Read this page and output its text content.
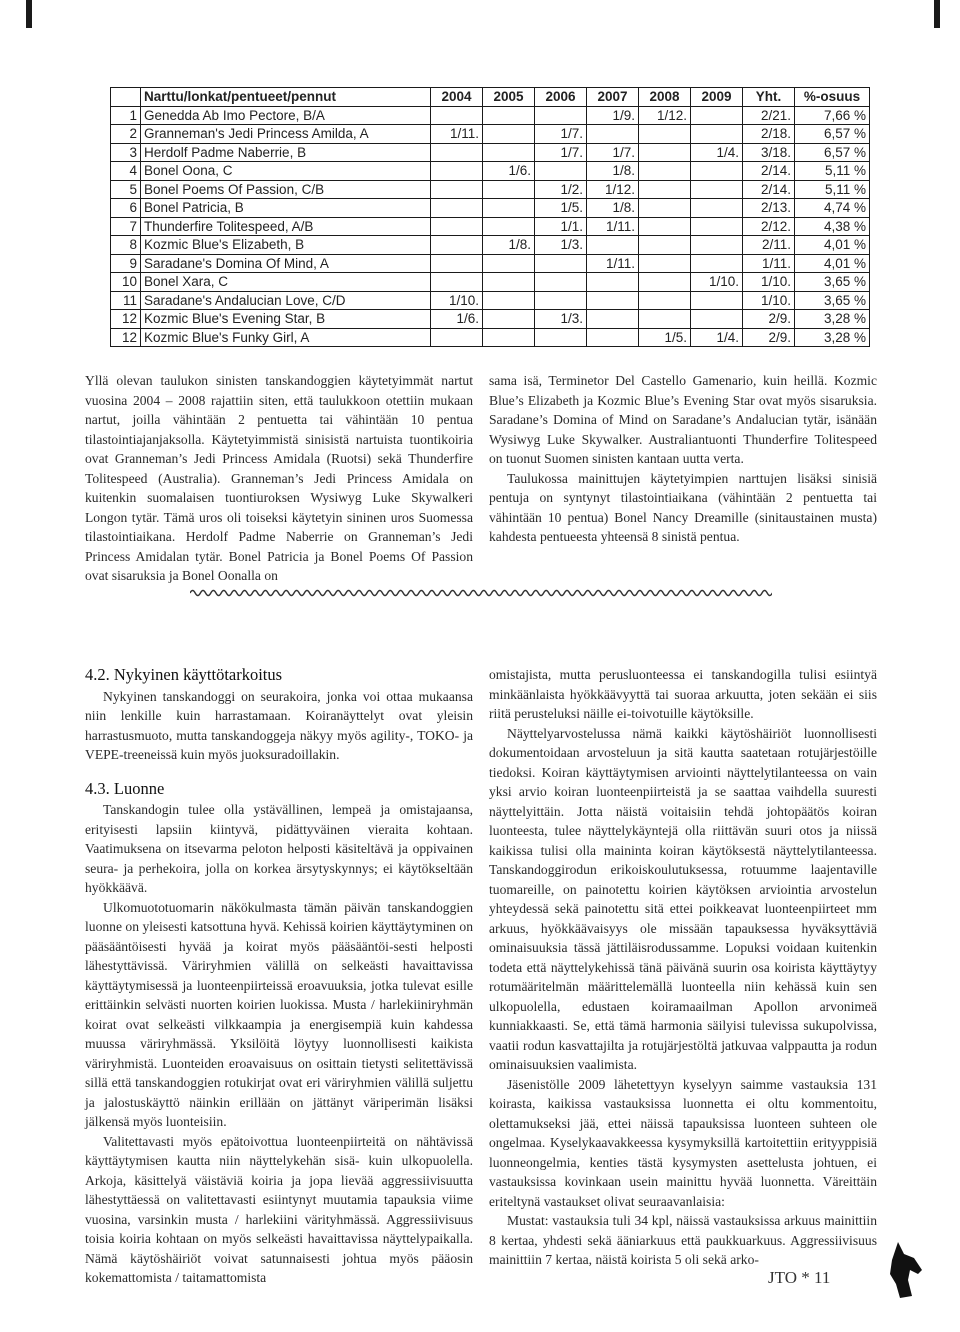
	Narttu/lonkat/pentueet/pennut	2004	2005	2006	2007	2008	2009	Yht.	%-osuus
1	Genedda Ab Imo Pectore, B/A				1/9.	1/12.		2/21.	7,66 %
2	Granneman's Jedi Princess Amilda, A	1/11.		1/7.				2/18.	6,57 %
3	Herdolf Padme Naberrie, B			1/7.	1/7.		1/4.	3/18.	6,57 %
4	Bonel Oona, C		1/6.		1/8.			2/14.	5,11 %
5	Bonel Poems Of Passion, C/B			1/2.	1/12.			2/14.	5,11 %
6	Bonel Patricia, B			1/5.	1/8.			2/13.	4,74 %
7	Thunderfire Tolitespeed, A/B			1/1.	1/11.			2/12.	4,38 %
8	Kozmic Blue's Elizabeth, B		1/8.	1/3.				2/11.	4,01 %
9	Saradane's Domina Of Mind, A				1/11.			1/11.	4,01 %
10	Bonel Xara, C						1/10.	1/10.	3,65 %
11	Saradane's Andalucian Love, C/D	1/10.						1/10.	3,65 %
12	Kozmic Blue's Evening Star, B	1/6.		1/3.				2/9.	3,28 %
12	Kozmic Blue's Funky Girl, A					1/5.	1/4.	2/9.	3,28 %

Yllä olevan taulukon sinisten tanskandoggien käytetyimmät nartut vuosina 2004 – 2008 rajattiin siten, että taulukkoon otettiin mukaan nartut, joilla vähintään 2 pentuetta tai vähintään 10 pentua tilastointiajanjaksolla. Käytetyimmistä sinisistä nartuista tuontikoiria ovat Granneman’s Jedi Princess Amidala (Ruotsi) sekä Thunderfire Tolitespeed (Australia). Granneman’s Jedi Princess Amidala on kuitenkin suomalaisen tuontiuroksen Wysiwyg Luke Skywalkeri Longon tytär. Tämä uros oli toiseksi käytetyin sininen uros Suomessa tilastointiaikana. Herdolf Padme Naberrie on Granneman’s Jedi Princess Amidalan tytär. Bonel Patricia ja Bonel Poems Of Passion ovat sisaruksia ja Bonel Oonalla on

sama isä, Terminetor Del Castello Gamenario, kuin heillä. Kozmic Blue’s Elizabeth ja Kozmic Blue’s Evening Star ovat myös sisaruksia. Saradane’s Domina of Mind on Saradane’s Andalucian tytär, isänään Wysiwyg Luke Skywalker. Australiantuonti Thunderfire Tolitespeed on tuonut Suomen sinisten kantaan uutta verta.

Taulukossa mainittujen käytetyimpien narttujen lisäksi sinisiä pentuja on syntynyt tilastointiaikana (vähintään 2 pentuetta tai vähintään 10 pentua) Bonel Nancy Dreamille (sinitaustainen musta) kahdesta pentueesta yhteensä 8 sinistä pentua.

4.2. Nykyinen käyttötarkoitus

Nykyinen tanskandoggi on seurakoira, jonka voi ottaa mukaansa niin lenkille kuin harrastamaan. Koiranäyttelyt ovat yleisin harrastusmuoto, mutta tanskandoggeja näkyy myös agility-, TOKO- ja VEPE-treeneissä kuin myös juoksuradoillakin.

4.3. Luonne

Tanskandogin tulee olla ystävällinen, lempeä ja omistajaansa, erityisesti lapsiin kiintyvä, pidättyväinen vieraita kohtaan. Vaatimuksena on itsevarma peloton helposti käsiteltävä ja oppivainen seura- ja perhekoira, jolla on korkea ärsytyskynnys; ei käytökseltään hyökkäävä.

Ulkomuototuomarin näkökulmasta tämän päivän tanskandoggien luonne on yleisesti katsottuna hyvä. Kehissä koirien käyttäytyminen on pääsääntöisesti hyvää ja koirat myös pääsääntöi-sesti helposti lähestyttävissä. Väriryhmien välillä on selkeästi havaittavissa käyttäytymisessä ja luonteenpiirteissä eroavuuksia, jotka tulevat esille erittäinkin selvästi nuorten koirien luokissa. Musta / harlekiiniryhmän koirat ovat selkeästi vilkkaampia ja energisempiä kuin kahdessa muussa väriryhmässä. Yksilöitä löytyy luonnollisesti kaikista väriryhmistä. Luonteiden eroavaisuus on osittain tietysti selitettävissä sillä että tanskandoggien rotukirjat ovat eri väriryhmien välillä suljettu ja jalostuskäyttö näinkin erillään on jättänyt väriperimän lisäksi jälkensä myös luonteisiin.

Valitettavasti myös epätoivottua luonteenpiirteitä on nähtävissä käyttäytymisen kautta niin näyttelykehän sisä- kuin ulkopuolella. Arkoja, käsittelyä väistäviä koiria ja jopa lievää aggressiivisuutta lähestyttäessä on valitettavasti esiintynyt muutamia tapauksia viime vuosina, varsinkin musta / harlekiini värityhmässä. Aggressiivisuus toisia koiria kohtaan on myös selkeästi havaittavissa näyttelypaikalla. Nämä käytöshäiriöt voivat satunnaisesti johtua myös pääosin kokemattomista / taitamattomista

omistajista, mutta perusluonteessa ei tanskandogilla tulisi esiintyä minkäänlaista hyökkäävyyttä tai suoraa arkuutta, joten sekään ei siis riitä perusteluksi näille ei-toivotuille käytöksille.

Näyttelyarvostelussa nämä kaikki käytöshäiriöt luonnollisesti dokumentoidaan arvosteluun ja sitä kautta saatetaan rotujärjestöille tiedoksi. Koiran käyttäytymisen arviointi näyttelytilanteessa on vain yksi arvio koiran luonteenpiirteistä ja se saattaa vaihdella suuresti näyttelyittäin. Jotta näistä voitaisiin tehdä johtopäätös koiran luonteesta, tulee näyttelykäyntejä olla riittävän suuri otos ja niissä kaikissa tulisi olla maininta koiran käytöksestä näyttelytilanteessa. Tanskandoggirodun erikoiskoulutuksessa, rotuumme laajentaville tuomareille, on painotettu koirien käytöksen arviointia arvostelun yhteydessä sekä painotettu sitä ettei poikkeavat luonteenpiirteet mm arkuus, hyökkäävaisyys ole missään tapauksessa hyväksyttäviä ominaisuuksia tässä jättiläisrodussamme. Lopuksi voidaan kuitenkin todeta että näyttelykehissä tänä päivänä suurin osa koirista käyttäytyy rotumääritelmän määrittelemällä luonteella niin kehässä kuin sen ulkopuolella, edustaen koiramaailman Apollon arvonimeä kunniakkaasti. Se, että tämä harmonia säilyisi tulevissa sukupolvissa, vaatii rodun kasvattajilta ja rotujärjestöltä jatkuvaa valppautta ja rodun ominaisuuksien vaalimista.

Jäsenistölle 2009 lähetettyyn kyselyyn saimme vastauksia 131 koirasta, kaikissa vastauksissa luonnetta ei oltu kommentoitu, olettamukseksi jää, ettei näissä tapauksissa luonteen suhteen ole ongelmaa. Kyselykaavakkeessa kysymyksillä kartoitettiin erityyppisiä luonneongelmia, kenties tästä kysymysten asettelusta johtuen, ei vastauksissa kovinkaan usein mainittu hyvää luonnetta. Väreittäin eriteltynä vastaukset olivat seuraavanlaisia:

Mustat: vastauksia tuli 34 kpl, näissä vastauksissa arkuus mainittiin 8 kertaa, yhdesti sekä ääniarkuus että paukkuarkuus. Aggressiivisuus mainittiin 7 kertaa, näistä koirista 5 oli sekä arko-

JTO * 11
